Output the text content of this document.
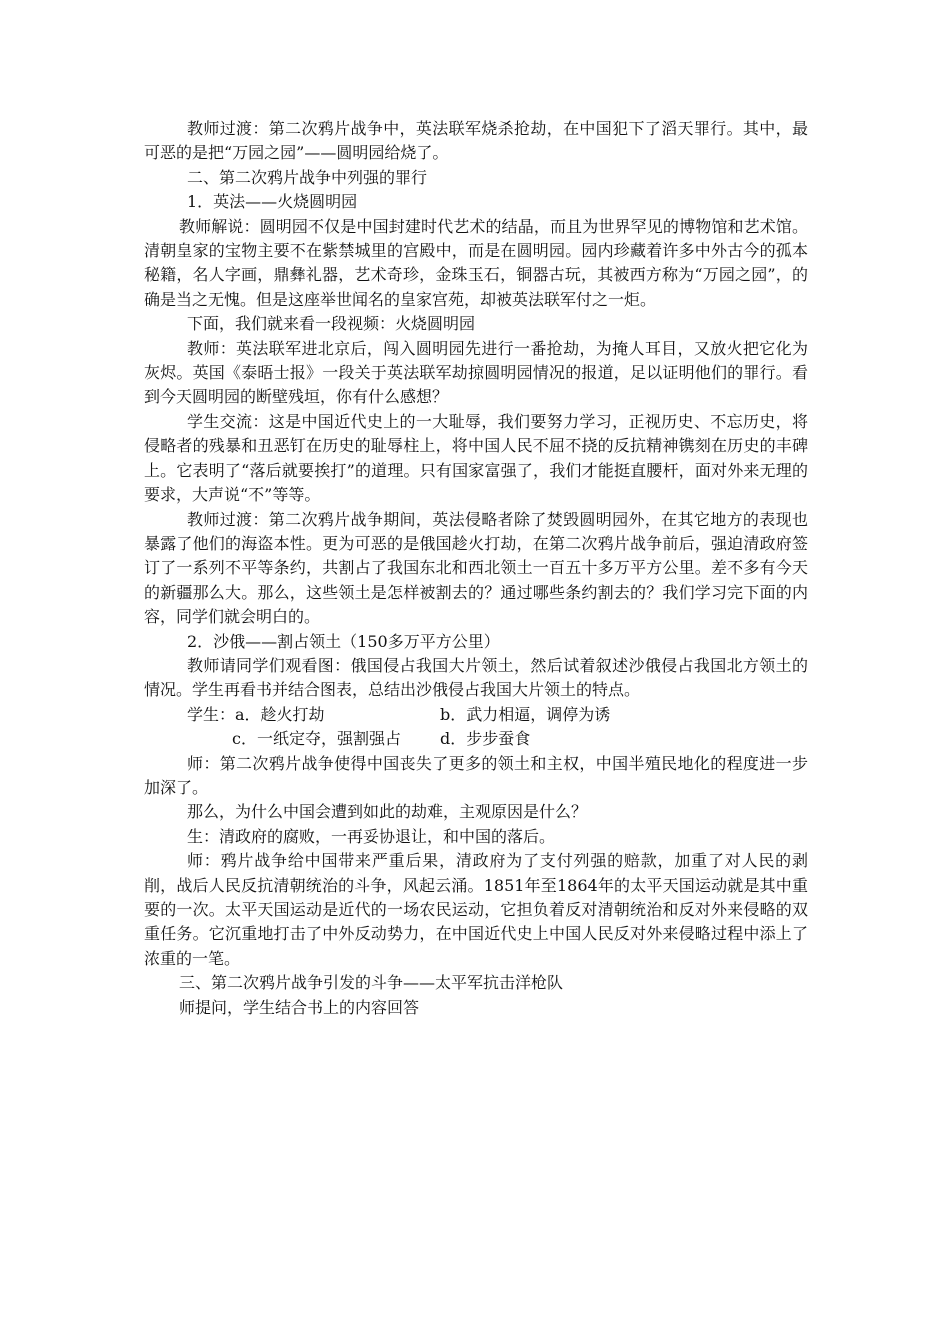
教师过渡：第二次鸦片战争中，英法联军烧杀抢劫，在中国犯下了滔天罪行。其中，最可恶的是把“万园之园”——圆明园给烧了。

二、第二次鸦片战争中列强的罪行

1．英法——火烧圆明园

教师解说：圆明园不仅是中国封建时代艺术的结晶，而且为世界罕见的博物馆和艺术馆。清朝皇家的宝物主要不在紫禁城里的宫殿中，而是在圆明园。园内珍藏着许多中外古今的孤本秘籍，名人字画，鼎彝礼器，艺术奇珍，金珠玉石，铜器古玩，其被西方称为“万园之园”，的确是当之无愧。但是这座举世闻名的皇家宫苑，却被英法联军付之一炬。

下面，我们就来看一段视频：火烧圆明园

教师：英法联军进北京后，闯入圆明园先进行一番抢劫，为掩人耳目，又放火把它化为灰烬。英国《泰晤士报》一段关于英法联军劫掠圆明园情况的报道，足以证明他们的罪行。看到今天圆明园的断壁残垣，你有什么感想？

学生交流：这是中国近代史上的一大耻辱，我们要努力学习，正视历史、不忘历史，将侵略者的残暴和丑恶钉在历史的耻辱柱上，将中国人民不屈不挠的反抗精神镌刻在历史的丰碑上。它表明了“落后就要挨打”的道理。只有国家富强了，我们才能挺直腰杆，面对外来无理的要求，大声说“不”等等。

教师过渡：第二次鸦片战争期间，英法侵略者除了焚毁圆明园外，在其它地方的表现也暴露了他们的海盗本性。更为可恶的是俄国趁火打劫，在第二次鸦片战争前后，强迫清政府签订了一系列不平等条约，共割占了我国东北和西北领土一百五十多万平方公里。差不多有今天的新疆那么大。那么，这些领土是怎样被割去的？通过哪些条约割去的？我们学习完下面的内容，同学们就会明白的。

2．沙俄——割占领土（150多万平方公里）

教师请同学们观看图：俄国侵占我国大片领土，然后试着叙述沙俄侵占我国北方领土的情况。学生再看书并结合图表，总结出沙俄侵占我国大片领土的特点。

学生：a．趁火打劫	b．武力相逼，调停为诱
c．一纸定夺，强割强占	d．步步蚕食

师：第二次鸦片战争使得中国丧失了更多的领土和主权，中国半殖民地化的程度进一步加深了。

那么，为什么中国会遭到如此的劫难，主观原因是什么？

生：清政府的腐败，一再妥协退让，和中国的落后。

师：鸦片战争给中国带来严重后果，清政府为了支付列强的赔款，加重了对人民的剥削，战后人民反抗清朝统治的斗争，风起云涌。1851年至1864年的太平天国运动就是其中重要的一次。太平天国运动是近代的一场农民运动，它担负着反对清朝统治和反对外来侵略的双重任务。它沉重地打击了中外反动势力，在中国近代史上中国人民反对外来侵略过程中添上了浓重的一笔。

三、第二次鸦片战争引发的斗争——太平军抗击洋枪队

师提问，学生结合书上的内容回答
